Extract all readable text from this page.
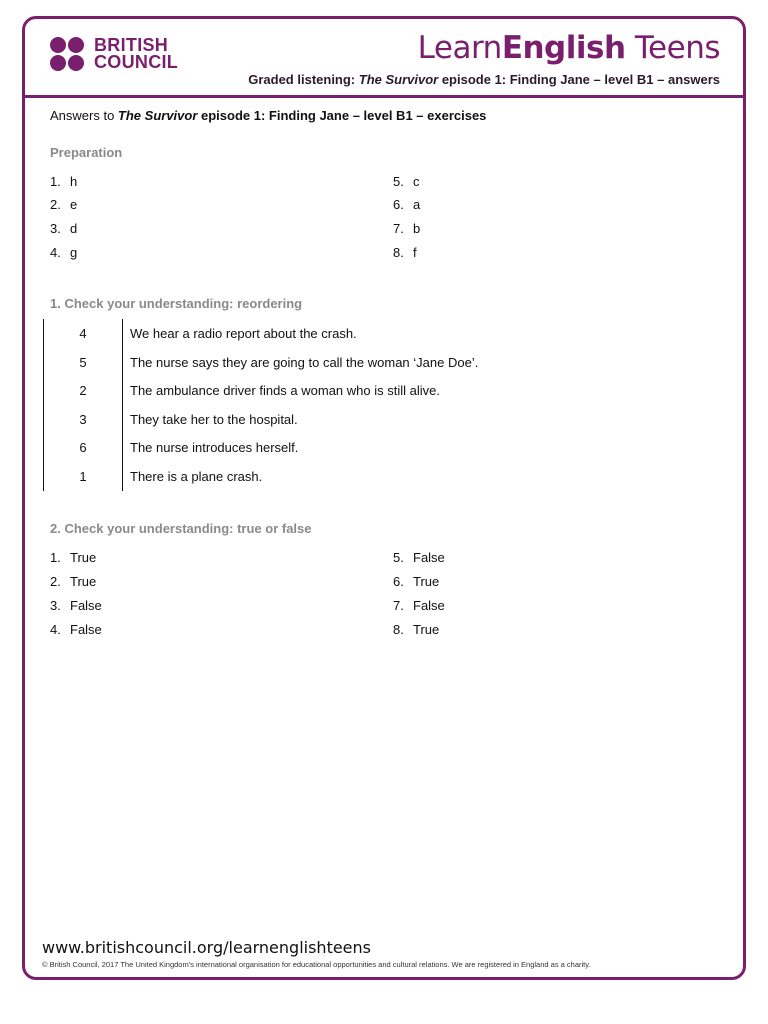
BRITISH
COUNCIL	LearnEnglish Teens
Graded listening: The Survivor episode 1: Finding Jane – level B1 – answers
Answers to The Survivor episode 1: Finding Jane – level B1 – exercises
Preparation
1. h
2. e
3. d
4. g
5. c
6. a
7. b
8. f
1. Check your understanding: reordering
4	We hear a radio report about the crash.
5	The nurse says they are going to call the woman ‘Jane Doe’.
2	The ambulance driver finds a woman who is still alive.
3	They take her to the hospital.
6	The nurse introduces herself.
1	There is a plane crash.
2. Check your understanding: true or false
1. True
2. True
3. False
4. False
5. False
6. True
7. False
8. True
www.britishcouncil.org/learnenglishteens
© British Council, 2017 The United Kingdom's international organisation for educational opportunities and cultural relations. We are registered in England as a charity.
